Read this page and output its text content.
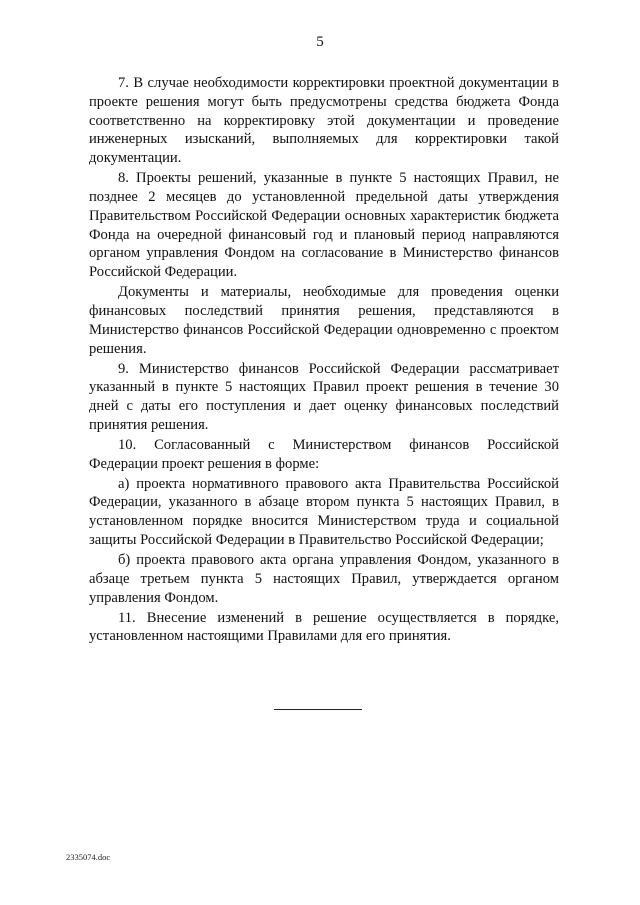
5

7. В случае необходимости корректировки проектной документации в проекте решения могут быть предусмотрены средства бюджета Фонда соответственно на корректировку этой документации и проведение инженерных изысканий, выполняемых для корректировки такой документации.

8. Проекты решений, указанные в пункте 5 настоящих Правил, не позднее 2 месяцев до установленной предельной даты утверждения Правительством Российской Федерации основных характеристик бюджета Фонда на очередной финансовый год и плановый период направляются органом управления Фондом на согласование в Министерство финансов Российской Федерации.

Документы и материалы, необходимые для проведения оценки финансовых последствий принятия решения, представляются в Министерство финансов Российской Федерации одновременно с проектом решения.

9. Министерство финансов Российской Федерации рассматривает указанный в пункте 5 настоящих Правил проект решения в течение 30 дней с даты его поступления и дает оценку финансовых последствий принятия решения.

10. Согласованный с Министерством финансов Российской Федерации проект решения в форме:

а) проекта нормативного правового акта Правительства Российской Федерации, указанного в абзаце втором пункта 5 настоящих Правил, в установленном порядке вносится Министерством труда и социальной защиты Российской Федерации в Правительство Российской Федерации;

б) проекта правового акта органа управления Фондом, указанного в абзаце третьем пункта 5 настоящих Правил, утверждается органом управления Фондом.

11. Внесение изменений в решение осуществляется в порядке, установленном настоящими Правилами для его принятия.

2335074.doc
